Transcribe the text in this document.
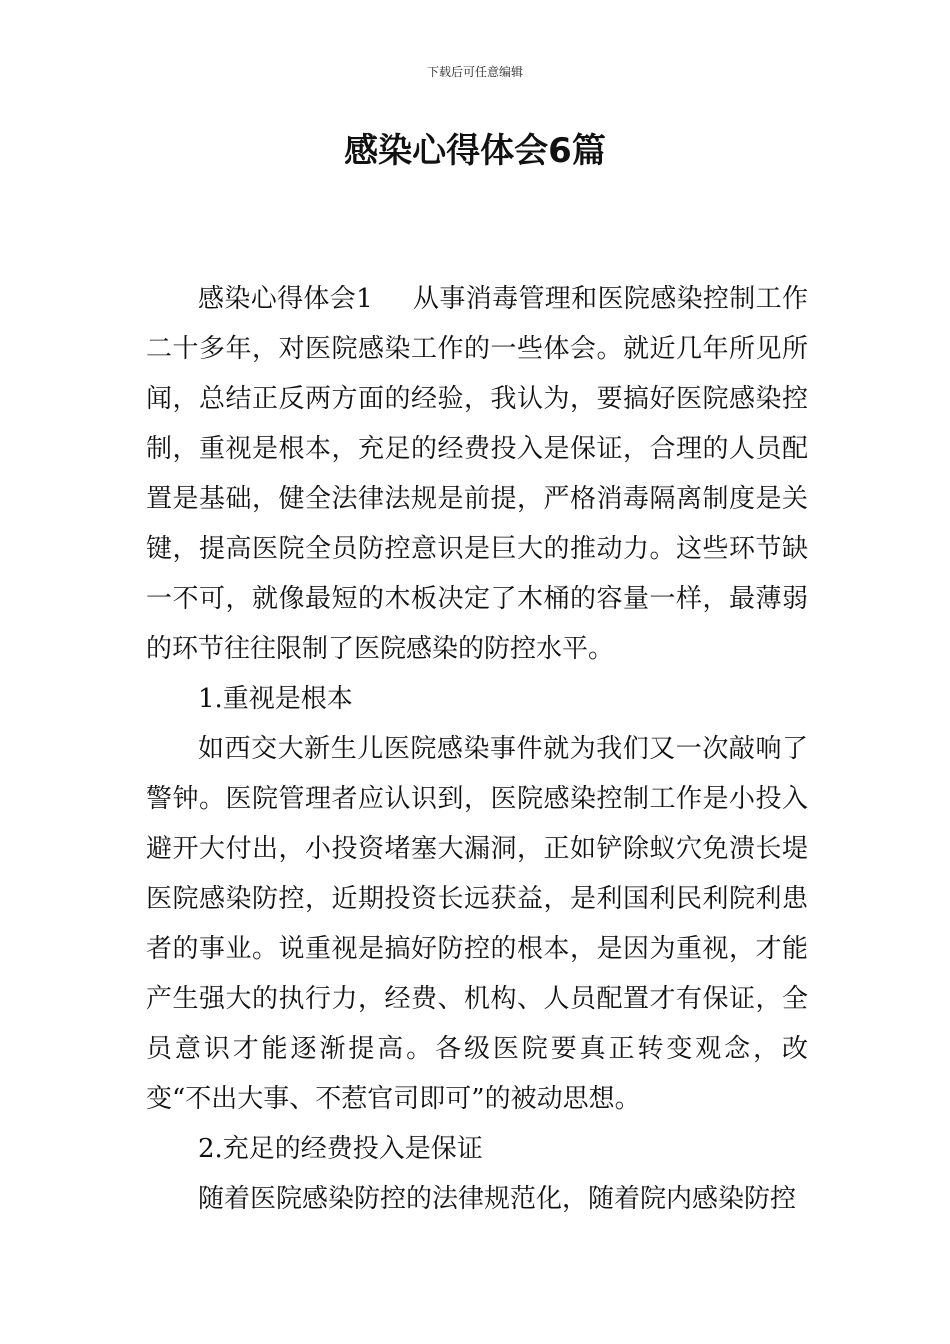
下载后可任意编辑
感染心得体会6篇

感染心得体会1 从事消毒管理和医院感染控制工作二十多年，对医院感染工作的一些体会。就近几年所见所闻，总结正反两方面的经验，我认为，要搞好医院感染控制，重视是根本，充足的经费投入是保证，合理的人员配置是基础，健全法律法规是前提，严格消毒隔离制度是关键，提高医院全员防控意识是巨大的推动力。这些环节缺一不可，就像最短的木板决定了木桶的容量一样，最薄弱的环节往往限制了医院感染的防控水平。

1.重视是根本

如西交大新生儿医院感染事件就为我们又一次敲响了警钟。医院管理者应认识到，医院感染控制工作是小投入避开大付出，小投资堵塞大漏洞，正如铲除蚁穴免溃长堤医院感染防控，近期投资长远获益，是利国利民利院利患者的事业。说重视是搞好防控的根本，是因为重视，才能产生强大的执行力，经费、机构、人员配置才有保证，全员意识才能逐渐提高。各级医院要真正转变观念，改变“不出大事、不惹官司即可”的被动思想。

2.充足的经费投入是保证

随着医院感染防控的法律规范化，随着院内感染防控
